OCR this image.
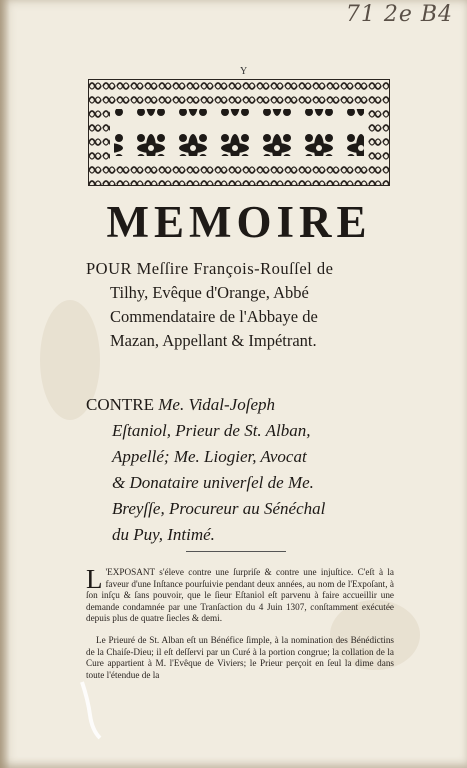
71 2e B4
Y
MEMOIRE

POUR Meſſire François-Rouſſel de
Tilhy, Evêque d'Orange, Abbé
Commendataire de l'Abbaye de
Mazan, Appellant & Impétrant.

CONTRE Me. Vidal-Joſeph
Eſtaniol, Prieur de St. Alban,
Appellé; Me. Liogier, Avocat
& Donataire univerſel de Me.
Breyſſe, Procureur au Sénéchal
du Puy, Intimé.

L 'EXPOSANT s'éleve contre une ſurpriſe & contre une injuſtice. C'eſt à la faveur d'une Inſtance pourſuivie pendant deux années, au nom de l'Expoſant, à ſon inſçu & ſans pouvoir, que le ſieur Eſtaniol eſt parvenu à faire accueillir une demande condamnée par une Tranſaction du 4 Juin 1307, conſtamment exécutée depuis plus de quatre ſiecles & demi.

Le Prieuré de St. Alban eſt un Bénéfice ſimple, à la nomination des Bénédictins de la Chaiſe-Dieu; il eſt deſſervi par un Curé à la portion congrue; la collation de la Cure appartient à M. l'Evêque de Viviers; le Prieur perçoit en ſeul la dime dans toute l'étendue de la
